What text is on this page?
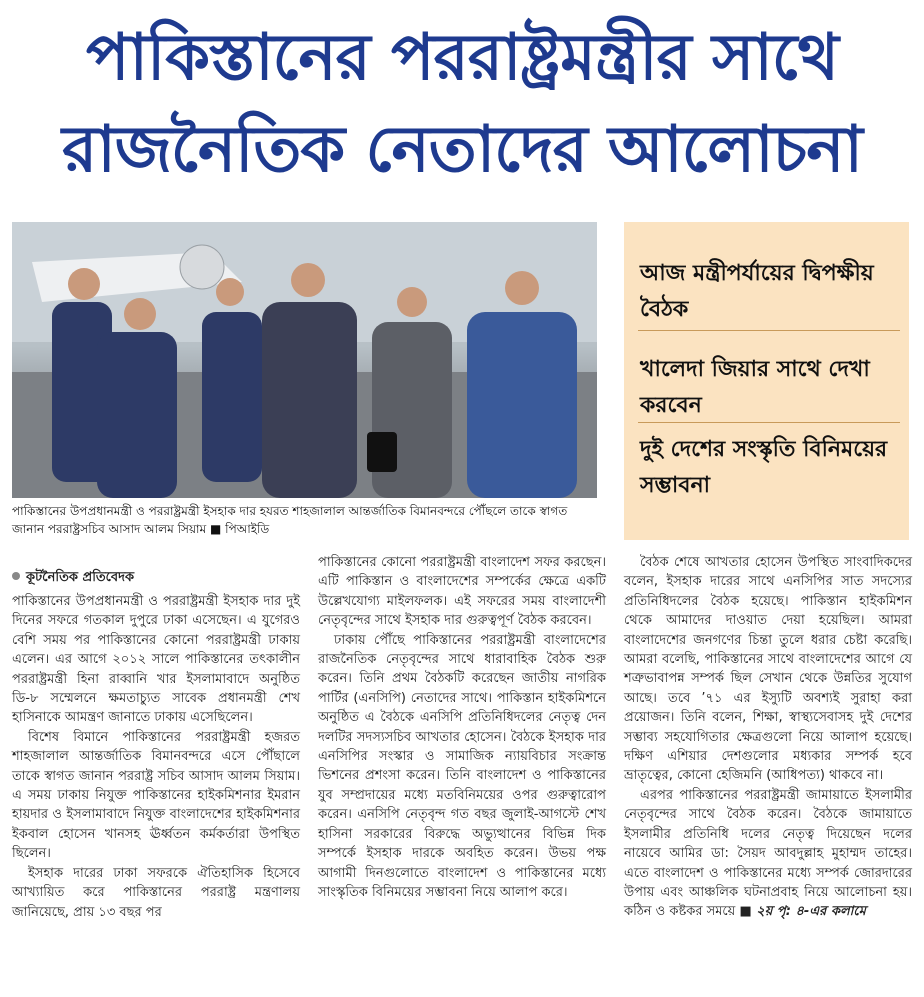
পাকিস্তানের পররাষ্ট্রমন্ত্রীর সাথে
রাজনৈতিক নেতাদের আলোচনা
পাকিস্তানের উপপ্রধানমন্ত্রী ও পররাষ্ট্রমন্ত্রী ইসহাক দার হযরত শাহজালাল আন্তর্জাতিক বিমানবন্দরে পৌঁছলে তাকে স্বাগত জানান পররাষ্ট্রসচিব আসাদ আলম সিয়াম ■ পিআইডি
আজ মন্ত্রীপর্যায়ের দ্বিপক্ষীয় বৈঠক
খালেদা জিয়ার সাথে দেখা করবেন
দুই দেশের সংস্কৃতি বিনিময়ের সম্ভাবনা
কূটনৈতিক প্রতিবেদক

পাকিস্তানের উপপ্রধানমন্ত্রী ও পররাষ্ট্রমন্ত্রী ইসহাক দার দুই দিনের সফরে গতকাল দুপুরে ঢাকা এসেছেন। এ যুগেরও বেশি সময় পর পাকিস্তানের কোনো পররাষ্ট্রমন্ত্রী ঢাকায় এলেন। এর আগে ২০১২ সালে পাকিস্তানের তৎকালীন পররাষ্ট্রমন্ত্রী হিনা রাব্বানি খার ইসলামাবাদে অনুষ্ঠিত ডি-৮ সম্মেলনে ক্ষমতাচ্যুত সাবেক প্রধানমন্ত্রী শেখ হাসিনাকে আমন্ত্রণ জানাতে ঢাকায় এসেছিলেন।

বিশেষ বিমানে পাকিস্তানের পররাষ্ট্রমন্ত্রী হজরত শাহজালাল আন্তর্জাতিক বিমানবন্দরে এসে পৌঁছালে তাকে স্বাগত জানান পররাষ্ট্র সচিব আসাদ আলম সিয়াম। এ সময় ঢাকায় নিযুক্ত পাকিস্তানের হাইকমিশনার ইমরান হায়দার ও ইসলামাবাদে নিযুক্ত বাংলাদেশের হাইকমিশনার ইকবাল হোসেন খানসহ ঊর্ধ্বতন কর্মকর্তারা উপস্থিত ছিলেন।

ইসহাক দারের ঢাকা সফরকে ঐতিহাসিক হিসেবে আখ্যায়িত করে পাকিস্তানের পররাষ্ট্র মন্ত্রণালয় জানিয়েছে, প্রায় ১৩ বছর পর

পাকিস্তানের কোনো পররাষ্ট্রমন্ত্রী বাংলাদেশ সফর করছেন। এটি পাকিস্তান ও বাংলাদেশের সম্পর্কের ক্ষেত্রে একটি উল্লেখযোগ্য মাইলফলক। এই সফরের সময় বাংলাদেশী নেতৃবৃন্দের সাথে ইসহাক দার গুরুত্বপূর্ণ বৈঠক করবেন।

ঢাকায় পৌঁছে পাকিস্তানের পররাষ্ট্রমন্ত্রী বাংলাদেশের রাজনৈতিক নেতৃবৃন্দের সাথে ধারাবাহিক বৈঠক শুরু করেন। তিনি প্রথম বৈঠকটি করেছেন জাতীয় নাগরিক পার্টির (এনসিপি) নেতাদের সাথে। পাকিস্তান হাইকমিশনে অনুষ্ঠিত এ বৈঠকে এনসিপি প্রতিনিধিদলের নেতৃত্ব দেন দলটির সদস্যসচিব আখতার হোসেন। বৈঠকে ইসহাক দার এনসিপির সংস্কার ও সামাজিক ন্যায়বিচার সংক্রান্ত ভিশনের প্রশংসা করেন। তিনি বাংলাদেশ ও পাকিস্তানের যুব সম্প্রদায়ের মধ্যে মতবিনিময়ের ওপর গুরুত্বারোপ করেন। এনসিপি নেতৃবৃন্দ গত বছর জুলাই-আগস্টে শেখ হাসিনা সরকারের বিরুদ্ধে অভ্যুত্থানের বিভিন্ন দিক সম্পর্কে ইসহাক দারকে অবহিত করেন। উভয় পক্ষ আগামী দিনগুলোতে বাংলাদেশ ও পাকিস্তানের মধ্যে সাংস্কৃতিক বিনিময়ের সম্ভাবনা নিয়ে আলাপ করে।

বৈঠক শেষে আখতার হোসেন উপস্থিত সাংবাদিকদের বলেন, ইসহাক দারের সাথে এনসিপির সাত সদস্যের প্রতিনিধিদলের বৈঠক হয়েছে। পাকিস্তান হাইকমিশন থেকে আমাদের দাওয়াত দেয়া হয়েছিল। আমরা বাংলাদেশের জনগণের চিন্তা তুলে ধরার চেষ্টা করেছি। আমরা বলেছি, পাকিস্তানের সাথে বাংলাদেশের আগে যে শত্রুভাবাপন্ন সম্পর্ক ছিল সেখান থেকে উন্নতির সুযোগ আছে। তবে ’৭১ এর ইস্যুটি অবশ্যই সুরাহা করা প্রয়োজন। তিনি বলেন, শিক্ষা, স্বাস্থ্যসেবাসহ দুই দেশের সম্ভাব্য সহযোগিতার ক্ষেত্রগুলো নিয়ে আলাপ হয়েছে। দক্ষিণ এশিয়ার দেশগুলোর মধ্যকার সম্পর্ক হবে ভ্রাতৃত্বের, কোনো হেজিমনি (আধিপত্য) থাকবে না।

এরপর পাকিস্তানের পররাষ্ট্রমন্ত্রী জামায়াতে ইসলামীর নেতৃবৃন্দের সাথে বৈঠক করেন। বৈঠকে জামায়াতে ইসলামীর প্রতিনিধি দলের নেতৃত্ব দিয়েছেন দলের নায়েবে আমির ডা: সৈয়দ আবদুল্লাহ মুহাম্মদ তাহের। এতে বাংলাদেশ ও পাকিস্তানের মধ্যে সম্পর্ক জোরদারের উপায় এবং আঞ্চলিক ঘটনাপ্রবাহ নিয়ে আলোচনা হয়। কঠিন ও কষ্টকর সময়ে ■ ২য় পৃ: ৪-এর কলামে
